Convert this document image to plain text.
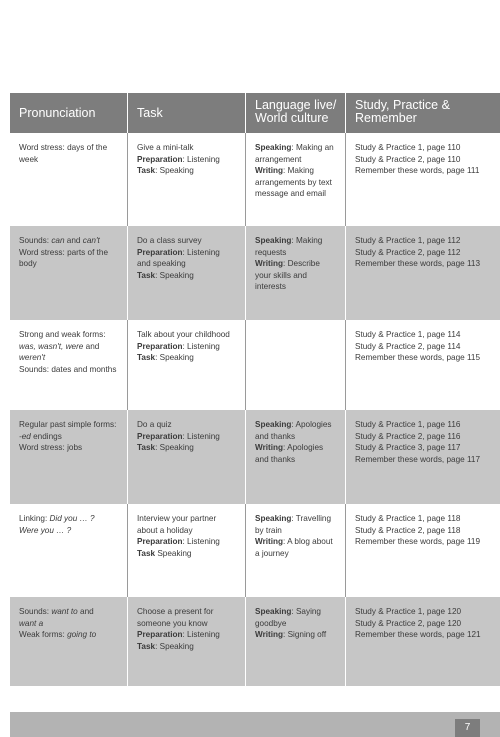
Pronunciation	Task
Language live/
World culture
Study, Practice &
Remember
Word stress: days of the
week
Give a mini-talk
Preparation: Listening
Task: Speaking
Speaking: Making an
arrangement
Writing: Making
arrangements by text
message and email
Study & Practice 1, page 110
Study & Practice 2, page 110
Remember these words, page 111
Sounds: can and can't
Word stress: parts of the
body
Do a class survey
Preparation: Listening
and speaking
Task: Speaking
Speaking: Making
requests
Writing: Describe
your skills and
interests
Study & Practice 1, page 112
Study & Practice 2, page 112
Remember these words, page 113
Strong and weak forms:
was, wasn't, were and
weren't
Sounds: dates and months
Talk about your childhood
Preparation: Listening
Task: Speaking
Study & Practice 1, page 114
Study & Practice 2, page 114
Remember these words, page 115
Regular past simple forms:
-ed endings
Word stress: jobs
Do a quiz
Preparation: Listening
Task: Speaking
Speaking: Apologies
and thanks
Writing: Apologies
and thanks
Study & Practice 1, page 116
Study & Practice 2, page 116
Study & Practice 3, page 117
Remember these words, page 117
Linking: Did you … ?
Were you … ?
Interview your partner
about a holiday
Preparation: Listening
Task Speaking
Speaking: Travelling
by train
Writing: A blog about
a journey
Study & Practice 1, page 118
Study & Practice 2, page 118
Remember these words, page 119
Sounds: want to and
want a
Weak forms: going to
Choose a present for
someone you know
Preparation: Listening
Task: Speaking
Speaking: Saying
goodbye
Writing: Signing off
Study & Practice 1, page 120
Study & Practice 2, page 120
Remember these words, page 121
7
